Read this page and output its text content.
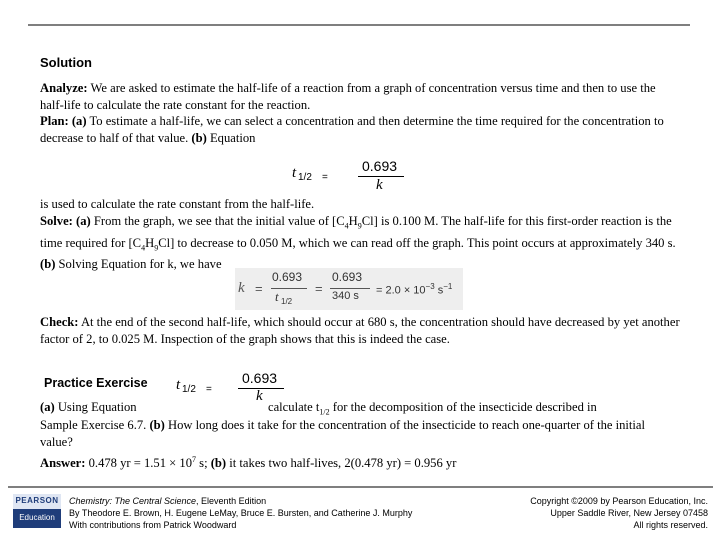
Solution
Analyze: We are asked to estimate the half-life of a reaction from a graph of concentration versus time and then to use the half-life to calculate the rate constant for the reaction.
Plan: (a) To estimate a half-life, we can select a concentration and then determine the time required for the concentration to decrease to half of that value. (b) Equation
t 1/2 =
0.693
k
is used to calculate the rate constant from the half-life.
Solve: (a) From the graph, we see that the initial value of $[C_4H_9Cl]$ is 0.100 M. The half-life for this first-order reaction is the time required for $[C_4H_9Cl]$ to decrease to 0.050 M, which we can read off the graph. This point occurs at approximately 340 s. (b) Solving Equation for k, we have
k =
0.693
t 1/2
=
0.693
340 $s = 2.0 \times 10^{-3}$ $s^{-1}$
Check: At the end of the second half-life, which should occur at 680 s, the concentration should have decreased by yet another factor of 2, to 0.025 M. Inspection of the graph shows that this is indeed the case.
Practice Exercise t 1/2 =
0.693
k
(a) Using Equation	calculate $t_{1/2}$ for the decomposition of the insecticide described in
Sample Exercise 6.7. (b) How long does it take for the concentration of the insecticide to reach one-quarter of the initial value?
Answer: 0.478 yr = $1.51 \times 10^7$ s; (b) it takes two half-lives, 2(0.478 yr) = 0.956 yr
PEARSON
Education
Chemistry: The Central Science, Eleventh Edition
By Theodore E. Brown, H. Eugene LeMay, Bruce E. Bursten, and Catherine J. Murphy
With contributions from Patrick Woodward
Copyright ©2009 by Pearson Education, Inc.
Upper Saddle River, New Jersey 07458
All rights reserved.
